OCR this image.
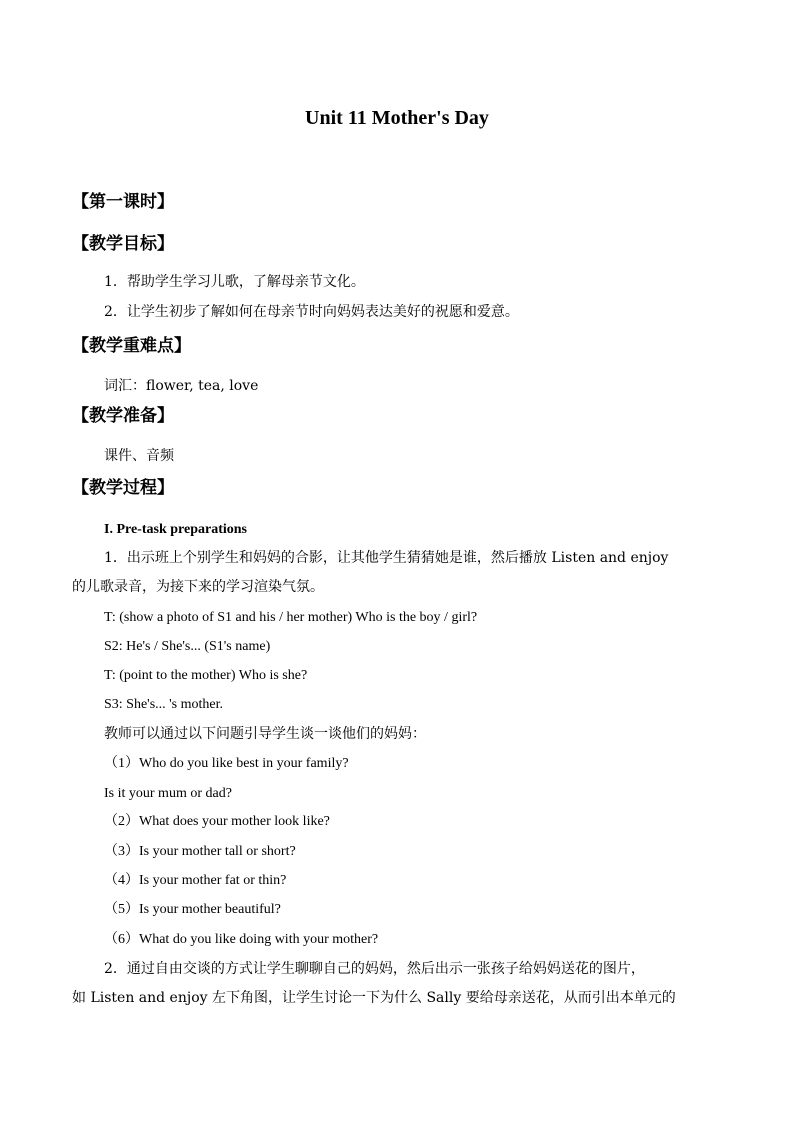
Unit 11 Mother's Day
【第一课时】
【教学目标】
1．帮助学生学习儿歌，了解母亲节文化。
2．让学生初步了解如何在母亲节时向妈妈表达美好的祝愿和爱意。
【教学重难点】
词汇：flower, tea, love
【教学准备】
课件、音频
【教学过程】
I. Pre-task preparations
1．出示班上个别学生和妈妈的合影，让其他学生猜猜她是谁，然后播放 Listen and enjoy
的儿歌录音，为接下来的学习渲染气氛。
T: (show a photo of S1 and his / her mother) Who is the boy / girl?
S2: He's / She's... (S1's name)
T: (point to the mother) Who is she?
S3: She's... 's mother.
教师可以通过以下问题引导学生谈一谈他们的妈妈：
（1）Who do you like best in your family?
Is it your mum or dad?
（2）What does your mother look like?
（3）Is your mother tall or short?
（4）Is your mother fat or thin?
（5）Is your mother beautiful?
（6）What do you like doing with your mother?
2．通过自由交谈的方式让学生聊聊自己的妈妈，然后出示一张孩子给妈妈送花的图片，
如 Listen and enjoy 左下角图，让学生讨论一下为什么 Sally 要给母亲送花，从而引出本单元的
